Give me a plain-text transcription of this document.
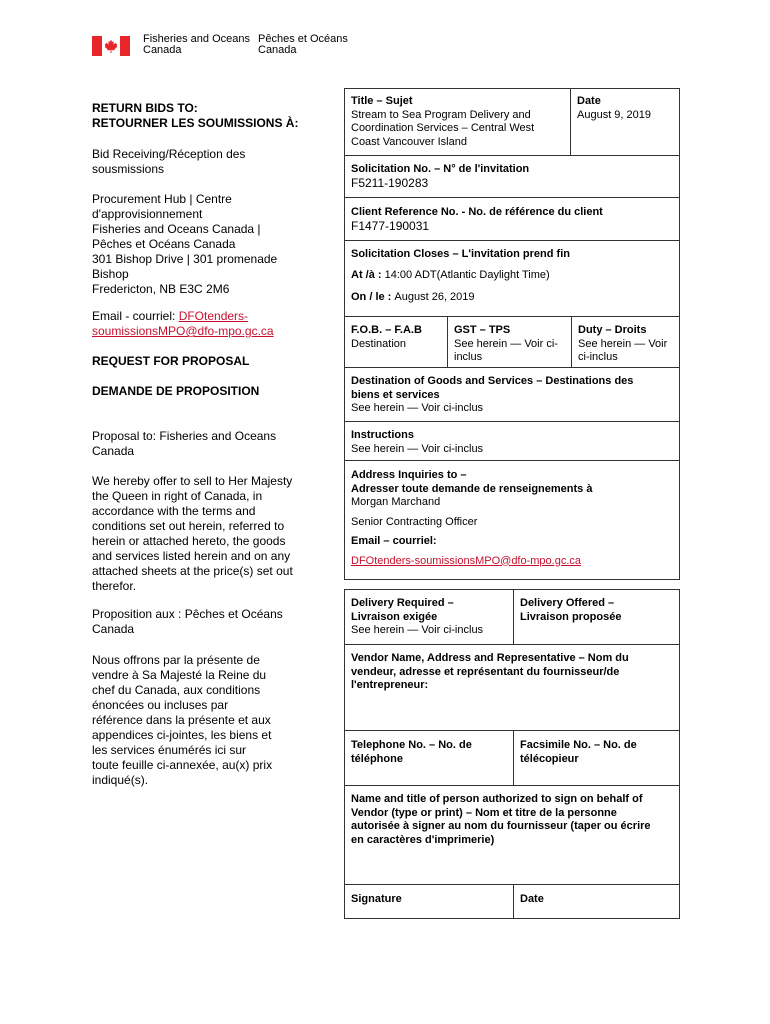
Fisheries and Oceans
Canada
Pêches et Océans
Canada

RETURN BIDS TO:

RETOURNER LES SOUMISSIONS À:

Bid Receiving/Réception des

sousmissions

Procurement Hub | Centre

d'approvisionnement

Fisheries and Oceans Canada |

Pêches et Océans Canada

301 Bishop Drive | 301 promenade

Bishop

Fredericton, NB E3C 2M6

Email - courriel: DFOtenders-

soumissionsMPO@dfo-mpo.gc.ca

REQUEST FOR PROPOSAL

DEMANDE DE PROPOSITION

Proposal to: Fisheries and Oceans

Canada

We hereby offer to sell to Her Majesty

the Queen in right of Canada, in

accordance with the terms and

conditions set out herein, referred to

herein or attached hereto, the goods

and services listed herein and on any

attached sheets at the price(s) set out

therefor.

Proposition aux : Pêches et Océans

Canada

Nous offrons par la présente de

vendre à Sa Majesté la Reine du

chef du Canada, aux conditions

énoncées ou incluses par

référence dans la présente et aux

appendices ci-jointes, les biens et

les services énumérés ici sur

toute feuille ci-annexée, au(x) prix

indiqué(s).

Title – Sujet
Stream to Sea Program Delivery and
Coordination Services – Central West
Coast Vancouver Island
Date
August 9, 2019
Solicitation No. – N° de l'invitation
F5211-190283
Client Reference No. - No. de référence du client
F1477-190031
Solicitation Closes – L'invitation prend fin
At /à : 14:00 ADT(Atlantic Daylight Time)
On / le : August 26, 2019
F.O.B. – F.A.B
Destination
GST – TPS
See herein — Voir ci-
inclus
Duty – Droits
See herein — Voir
ci-inclus
Destination of Goods and Services – Destinations des
biens et services
See herein — Voir ci-inclus
Instructions
See herein — Voir ci-inclus
Address Inquiries to –
Adresser toute demande de renseignements à
Morgan Marchand
Senior Contracting Officer
Email – courriel:
DFOtenders-soumissionsMPO@dfo-mpo.gc.ca
Delivery Required –
Livraison exigée
See herein — Voir ci-inclus
Delivery Offered –
Livraison proposée
Vendor Name, Address and Representative – Nom du
vendeur, adresse et représentant du fournisseur/de
l'entrepreneur:
Telephone No. – No. de
téléphone
Facsimile No. – No. de
télécopieur
Name and title of person authorized to sign on behalf of
Vendor (type or print) – Nom et titre de la personne
autorisée à signer au nom du fournisseur (taper ou écrire
en caractères d'imprimerie)
Signature	Date
